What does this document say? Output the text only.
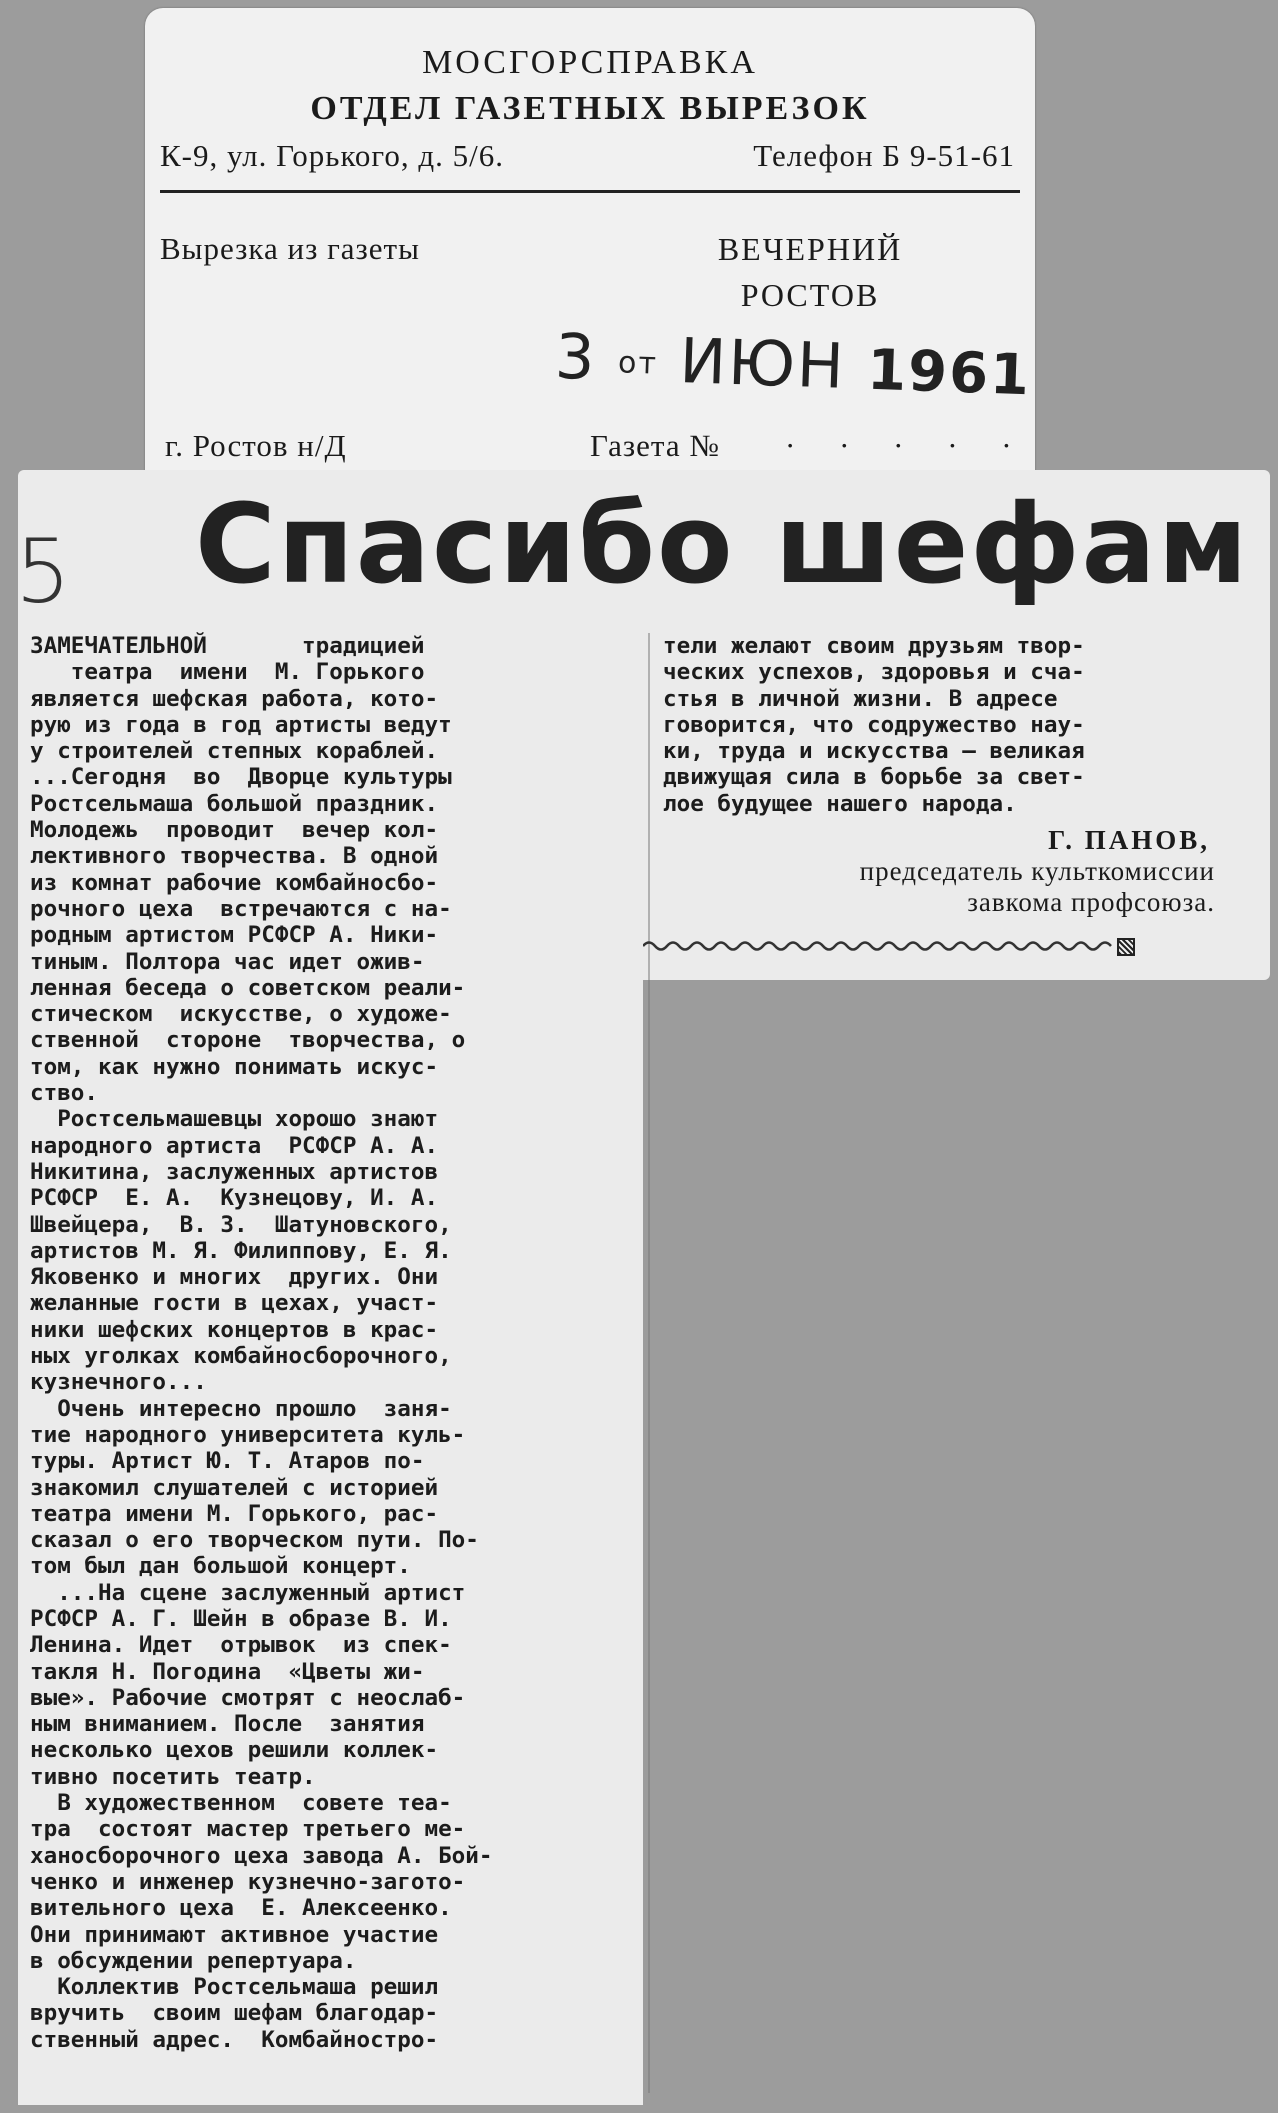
МОСГОРСПРАВКА
ОТДЕЛ ГАЗЕТНЫХ ВЫРЕЗОК
К-9, ул. Горького, д. 5/6.	Телефон Б 9-51-61
Вырезка из газеты	ВЕЧЕРНИЙ
РОСТОВ
3 от ИЮН 1961
г. Ростов н/Д	Газета № · · · · ·
5 Спасибо шефам
ЗАМЕЧАТЕЛЬНОЙ       традицией
театра  имени  М. Горького
является шефская работа, кото-
рую из года в год артисты ведут
у строителей степных кораблей.
...Сегодня  во  Дворце культуры
Ростсельмаша большой праздник.
Молодежь  проводит  вечер кол-
лективного творчества. В одной
из комнат рабочие комбайносбо-
рочного цеха  встречаются с на-
родным артистом РСФСР А. Ники-
тиным. Полтора час идет ожив-
ленная беседа о советском реали-
стическом  искусстве, о художе-
ственной  стороне  творчества, о
том, как нужно понимать искус-
ство.
Ростсельмашевцы хорошо знают
народного артиста  РСФСР А. А.
Никитина, заслуженных артистов
РСФСР  Е. А.  Кузнецову, И. А.
Швейцера,  В. З.  Шатуновского,
артистов М. Я. Филиппову, Е. Я.
Яковенко и многих  других. Они
желанные гости в цехах, участ-
ники шефских концертов в крас-
ных уголках комбайносборочного,
кузнечного...
Очень интересно прошло  заня-
тие народного университета куль-
туры. Артист Ю. Т. Атаров по-
знакомил слушателей с историей
театра имени М. Горького, рас-
сказал о его творческом пути. По-
том был дан большой концерт.
...На сцене заслуженный артист
РСФСР А. Г. Шейн в образе В. И.
Ленина. Идет  отрывок  из спек-
такля Н. Погодина  «Цветы жи-
вые». Рабочие смотрят с неослаб-
ным вниманием. После  занятия
несколько цехов решили коллек-
тивно посетить театр.
В художественном  совете теа-
тра  состоят мастер третьего ме-
ханосборочного цеха завода А. Бой-
ченко и инженер кузнечно-загото-
вительного цеха  Е. Алексеенко.
Они принимают активное участие
в обсуждении репертуара.
Коллектив Ростсельмаша решил
вручить  своим шефам благодар-
ственный адрес.  Комбайностро-
тели желают своим друзьям твор-
ческих успехов, здоровья и сча-
стья в личной жизни. В адресе
говорится, что содружество нау-
ки, труда и искусства — великая
движущая сила в борьбе за свет-
лое будущее нашего народа.
Г. ПАНОВ,
председатель культкомиссии
завкома профсоюза.
